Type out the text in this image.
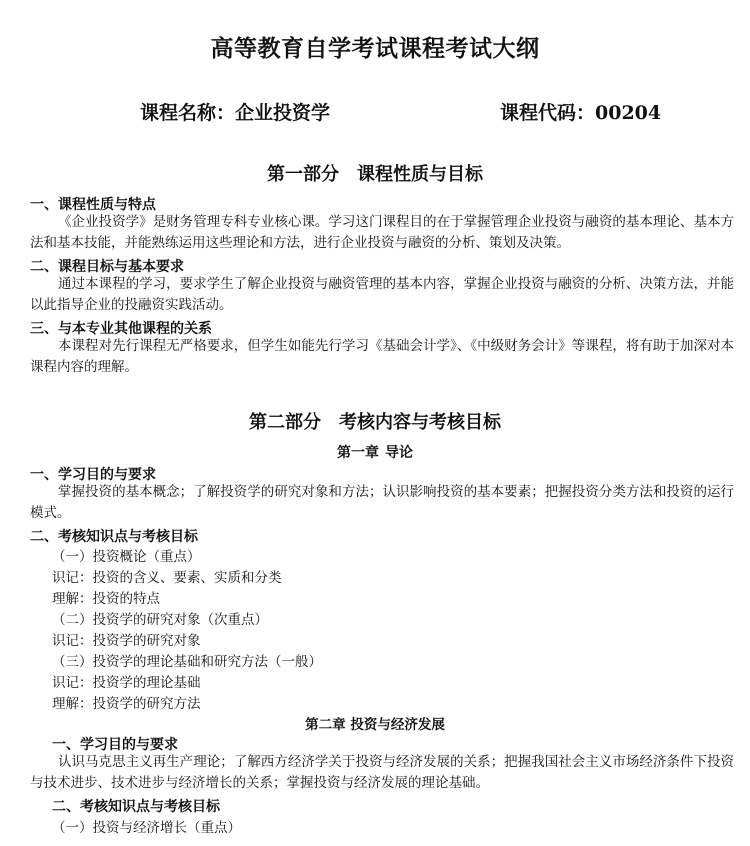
高等教育自学考试课程考试大纲
课程名称：企业投资学	课程代码：00204
第一部分　课程性质与目标
一、课程性质与特点
《企业投资学》是财务管理专科专业核心课。学习这门课程目的在于掌握管理企业投资与融资的基本理论、基本方法和基本技能，并能熟练运用这些理论和方法，进行企业投资与融资的分析、策划及决策。
二、课程目标与基本要求
通过本课程的学习，要求学生了解企业投资与融资管理的基本内容，掌握企业投资与融资的分析、决策方法，并能以此指导企业的投融资实践活动。
三、与本专业其他课程的关系
本课程对先行课程无严格要求，但学生如能先行学习《基础会计学》、《中级财务会计》等课程，将有助于加深对本课程内容的理解。
第二部分　考核内容与考核目标
第一章 导论
一、学习目的与要求
掌握投资的基本概念；了解投资学的研究对象和方法；认识影响投资的基本要素；把握投资分类方法和投资的运行模式。
二、考核知识点与考核目标
（一）投资概论（重点）
识记：投资的含义、要素、实质和分类
理解：投资的特点
（二）投资学的研究对象（次重点）
识记：投资学的研究对象
（三）投资学的理论基础和研究方法（一般）
识记：投资学的理论基础
理解：投资学的研究方法
第二章 投资与经济发展
一、学习目的与要求
认识马克思主义再生产理论；了解西方经济学关于投资与经济发展的关系；把握我国社会主义市场经济条件下投资与技术进步、技术进步与经济增长的关系；掌握投资与经济发展的理论基础。
二、考核知识点与考核目标
（一）投资与经济增长（重点）
